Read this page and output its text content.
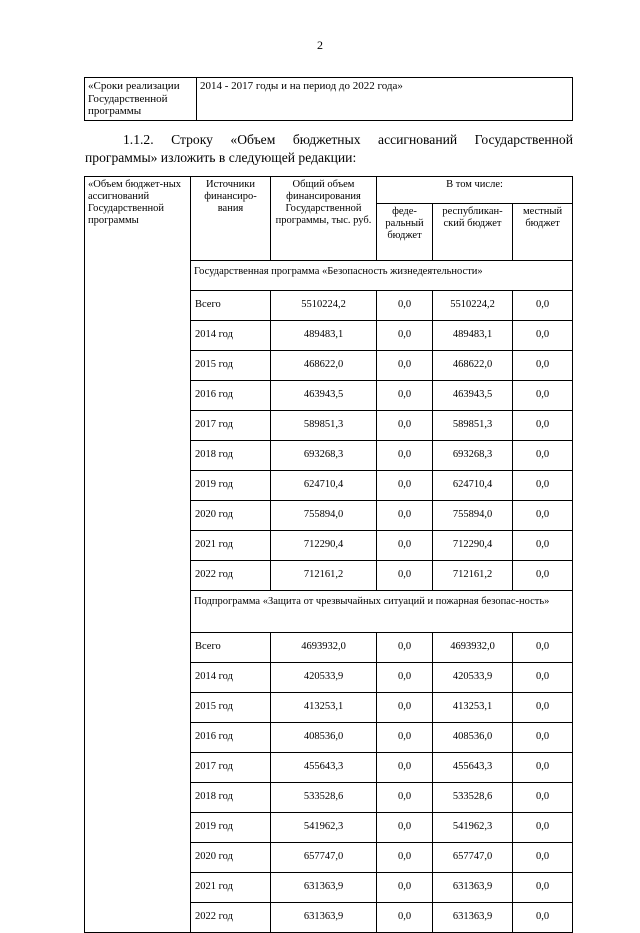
2
«Сроки реализации Государственной программы	2014 - 2017 годы и на период до 2022 года»
1.1.2. Строку «Объем бюджетных ассигнований Государственной программы» изложить в следующей редакции:
«Объем бюджет-ных ассигнований Государственной программы	Источники финансиро-вания	Общий объем финансирования Государственной программы, тыс. руб.	В том числе:		
			феде-ральный бюджет	республикан-ский бюджет	местный бюджет
	Государственная программа «Безопасность жизнедеятельности»				
	Всего	5510224,2	0,0	5510224,2	0,0
	2014 год	489483,1	0,0	489483,1	0,0
	2015 год	468622,0	0,0	468622,0	0,0
	2016 год	463943,5	0,0	463943,5	0,0
	2017 год	589851,3	0,0	589851,3	0,0
	2018 год	693268,3	0,0	693268,3	0,0
	2019 год	624710,4	0,0	624710,4	0,0
	2020 год	755894,0	0,0	755894,0	0,0
	2021 год	712290,4	0,0	712290,4	0,0
	2022 год	712161,2	0,0	712161,2	0,0
	Подпрограмма «Защита от чрезвычайных ситуаций и пожарная безопас-ность»				
	Всего	4693932,0	0,0	4693932,0	0,0
	2014 год	420533,9	0,0	420533,9	0,0
	2015 год	413253,1	0,0	413253,1	0,0
	2016 год	408536,0	0,0	408536,0	0,0
	2017 год	455643,3	0,0	455643,3	0,0
	2018 год	533528,6	0,0	533528,6	0,0
	2019 год	541962,3	0,0	541962,3	0,0
	2020 год	657747,0	0,0	657747,0	0,0
	2021 год	631363,9	0,0	631363,9	0,0
	2022 год	631363,9	0,0	631363,9	0,0
